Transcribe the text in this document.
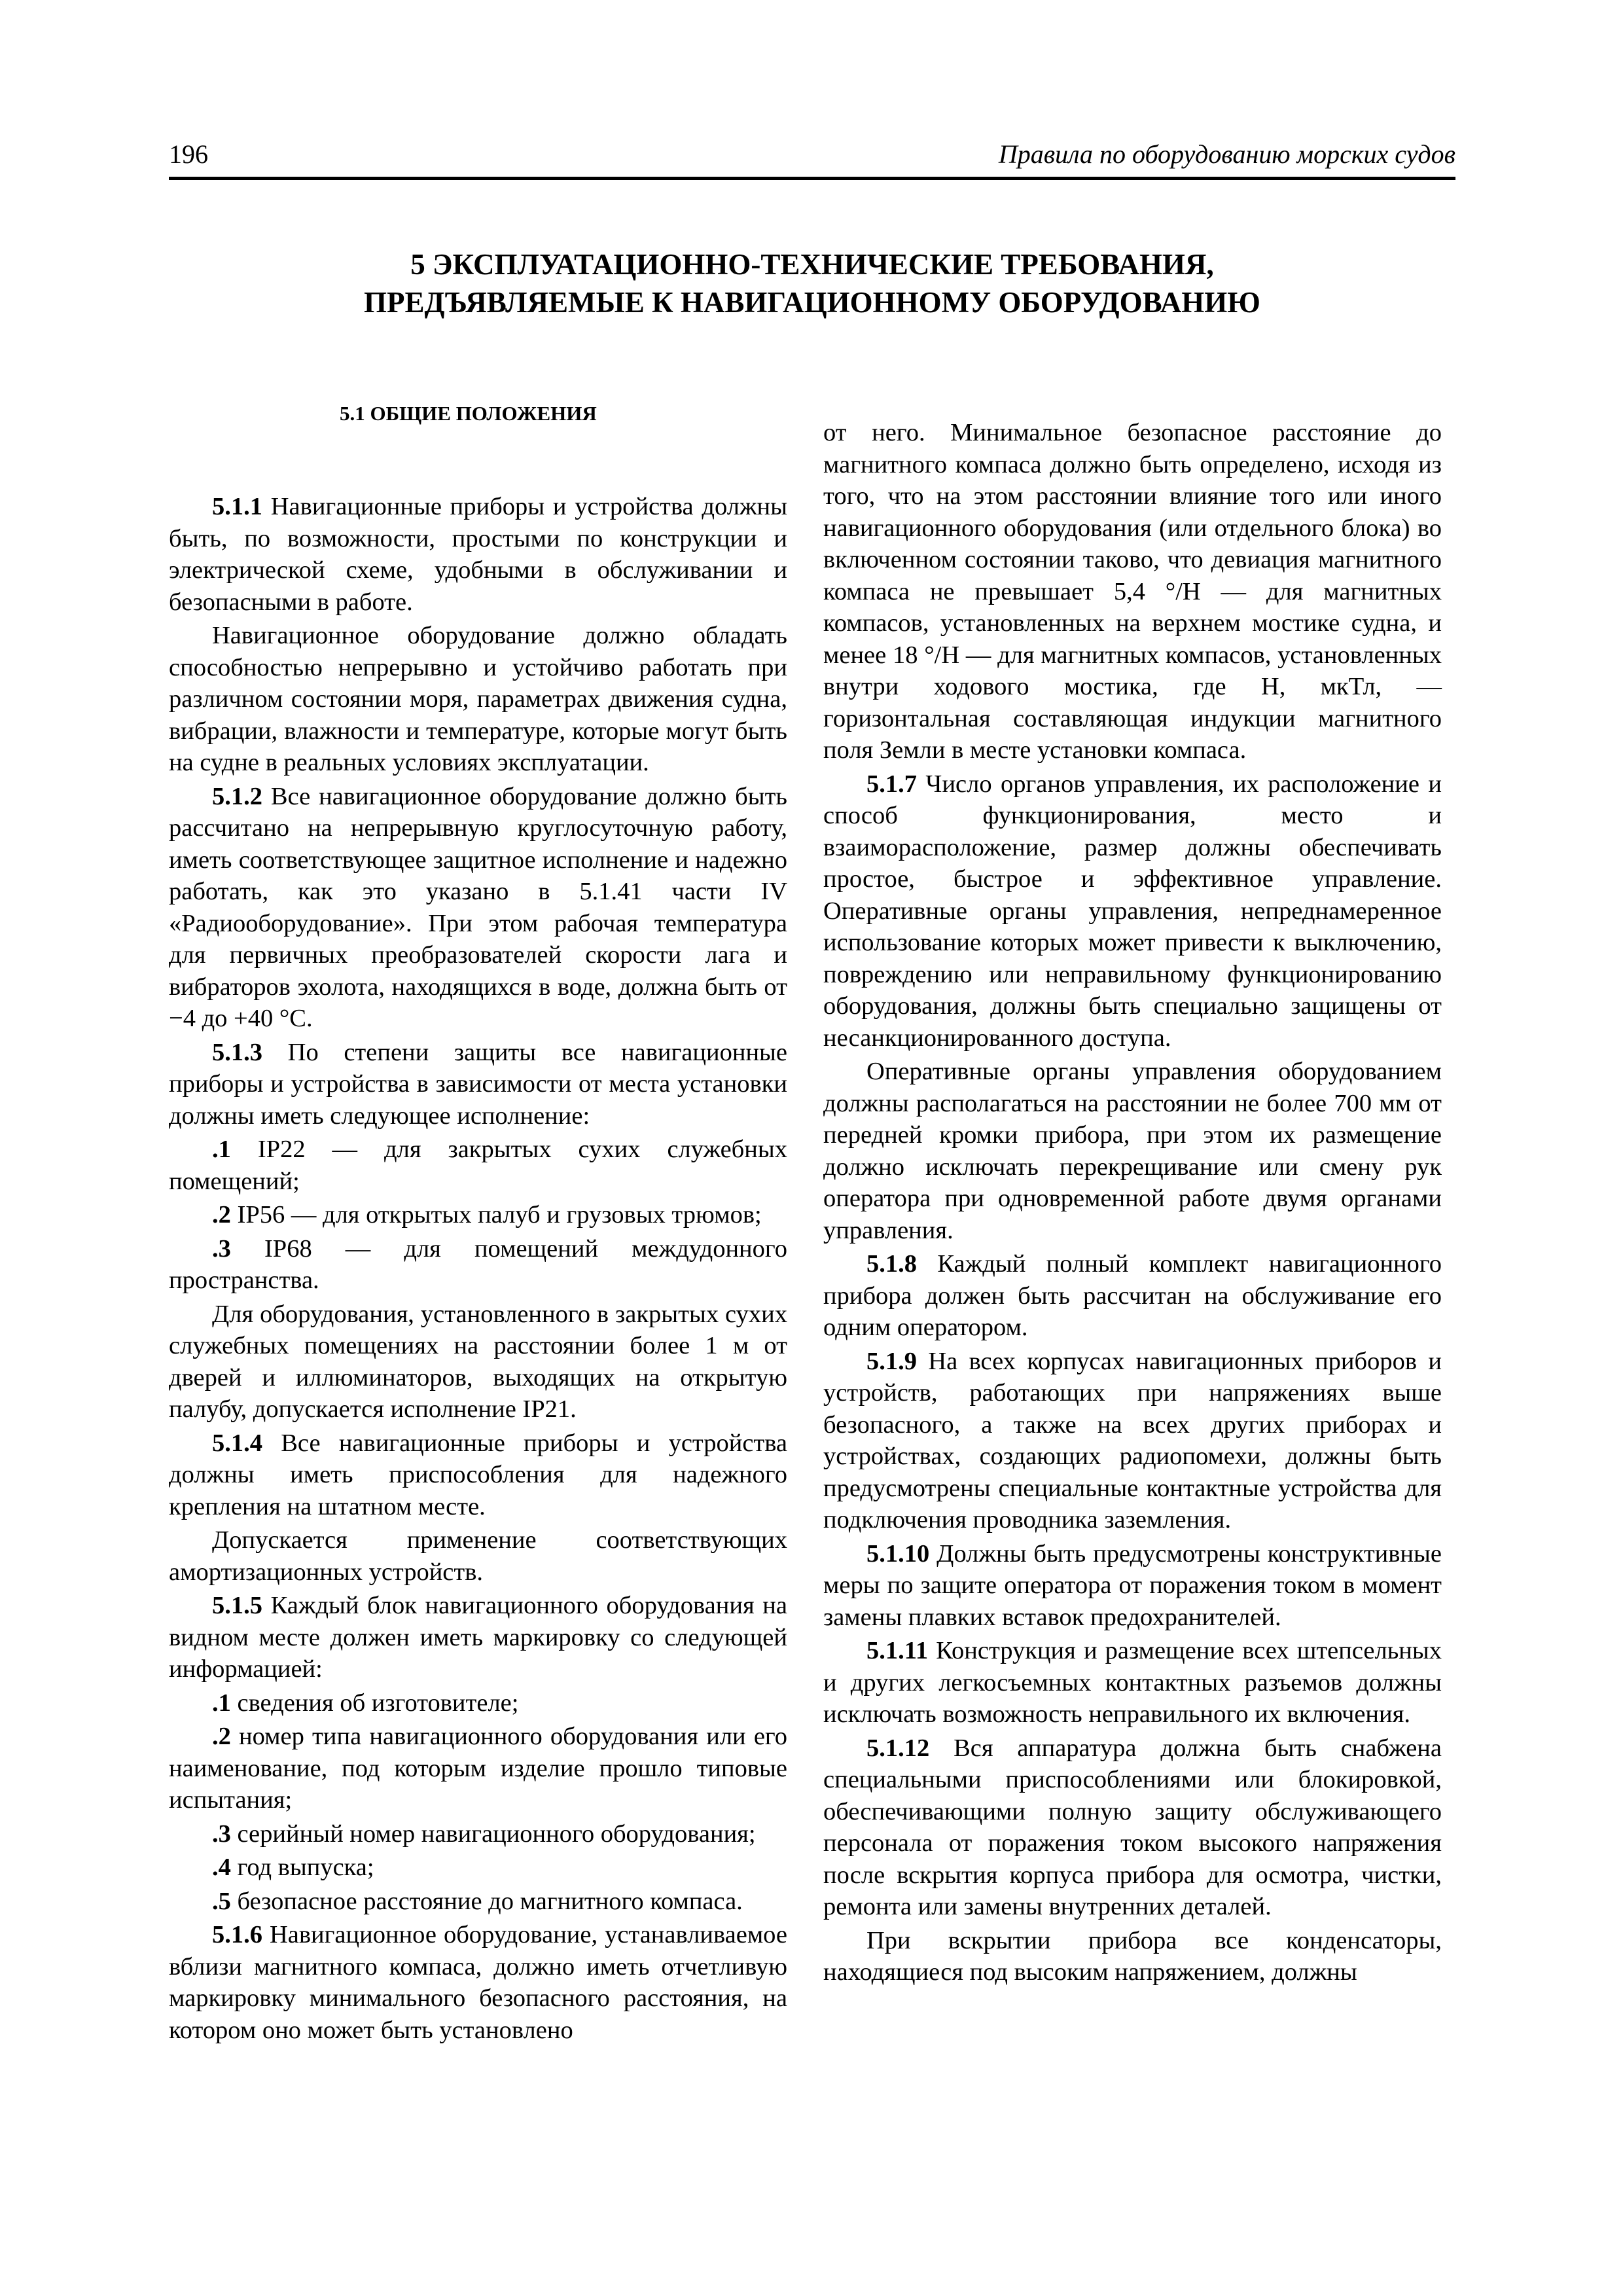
196	Правила по оборудованию морских судов
5 ЭКСПЛУАТАЦИОННО-ТЕХНИЧЕСКИЕ ТРЕБОВАНИЯ,
ПРЕДЪЯВЛЯЕМЫЕ К НАВИГАЦИОННОМУ ОБОРУДОВАНИЮ
5.1 ОБЩИЕ ПОЛОЖЕНИЯ
5.1.1 Навигационные приборы и устройства должны быть, по возможности, простыми по конструкции и электрической схеме, удобными в обслуживании и безопасными в работе.
Навигационное оборудование должно обладать способностью непрерывно и устойчиво работать при различном состоянии моря, параметрах движения судна, вибрации, влажности и температуре, которые могут быть на судне в реальных условиях эксплуатации.
5.1.2 Все навигационное оборудование должно быть рассчитано на непрерывную круглосуточную работу, иметь соответствующее защитное исполнение и надежно работать, как это указано в 5.1.41 части IV «Радиооборудование». При этом рабочая температура для первичных преобразователей скорости лага и вибраторов эхолота, находящихся в воде, должна быть от −4 до +40 °C.
5.1.3 По степени защиты все навигационные приборы и устройства в зависимости от места установки должны иметь следующее исполнение:
.1 IP22 — для закрытых сухих служебных помещений;
.2 IP56 — для открытых палуб и грузовых трюмов;
.3 IP68 — для помещений междудонного пространства.
Для оборудования, установленного в закрытых сухих служебных помещениях на расстоянии более 1 м от дверей и иллюминаторов, выходящих на открытую палубу, допускается исполнение IP21.
5.1.4 Все навигационные приборы и устройства должны иметь приспособления для надежного крепления на штатном месте.
Допускается применение соответствующих амортизационных устройств.
5.1.5 Каждый блок навигационного оборудования на видном месте должен иметь маркировку со следующей информацией:
.1 сведения об изготовителе;
.2 номер типа навигационного оборудования или его наименование, под которым изделие прошло типовые испытания;
.3 серийный номер навигационного оборудования;
.4 год выпуска;
.5 безопасное расстояние до магнитного компаса.
5.1.6 Навигационное оборудование, устанавливаемое вблизи магнитного компаса, должно иметь отчетливую маркировку минимального безопасного расстояния, на котором оно может быть установлено
от него. Минимальное безопасное расстояние до магнитного компаса должно быть определено, исходя из того, что на этом расстоянии влияние того или иного навигационного оборудования (или отдельного блока) во включенном состоянии таково, что девиация магнитного компаса не превышает 5,4 °/H — для магнитных компасов, установленных на верхнем мостике судна, и менее 18 °/H — для магнитных компасов, установленных внутри ходового мостика, где H, мкТл, — горизонтальная составляющая индукции магнитного поля Земли в месте установки компаса.
5.1.7 Число органов управления, их расположение и способ функционирования, место и взаиморасположение, размер должны обеспечивать простое, быстрое и эффективное управление. Оперативные органы управления, непреднамеренное использование которых может привести к выключению, повреждению или неправильному функционированию оборудования, должны быть специально защищены от несанкционированного доступа.
Оперативные органы управления оборудованием должны располагаться на расстоянии не более 700 мм от передней кромки прибора, при этом их размещение должно исключать перекрещивание или смену рук оператора при одновременной работе двумя органами управления.
5.1.8 Каждый полный комплект навигационного прибора должен быть рассчитан на обслуживание его одним оператором.
5.1.9 На всех корпусах навигационных приборов и устройств, работающих при напряжениях выше безопасного, а также на всех других приборах и устройствах, создающих радиопомехи, должны быть предусмотрены специальные контактные устройства для подключения проводника заземления.
5.1.10 Должны быть предусмотрены конструктивные меры по защите оператора от поражения током в момент замены плавких вставок предохранителей.
5.1.11 Конструкция и размещение всех штепсельных и других легкосъемных контактных разъемов должны исключать возможность неправильного их включения.
5.1.12 Вся аппаратура должна быть снабжена специальными приспособлениями или блокировкой, обеспечивающими полную защиту обслуживающего персонала от поражения током высокого напряжения после вскрытия корпуса прибора для осмотра, чистки, ремонта или замены внутренних деталей.
При вскрытии прибора все конденсаторы, находящиеся под высоким напряжением, должны
